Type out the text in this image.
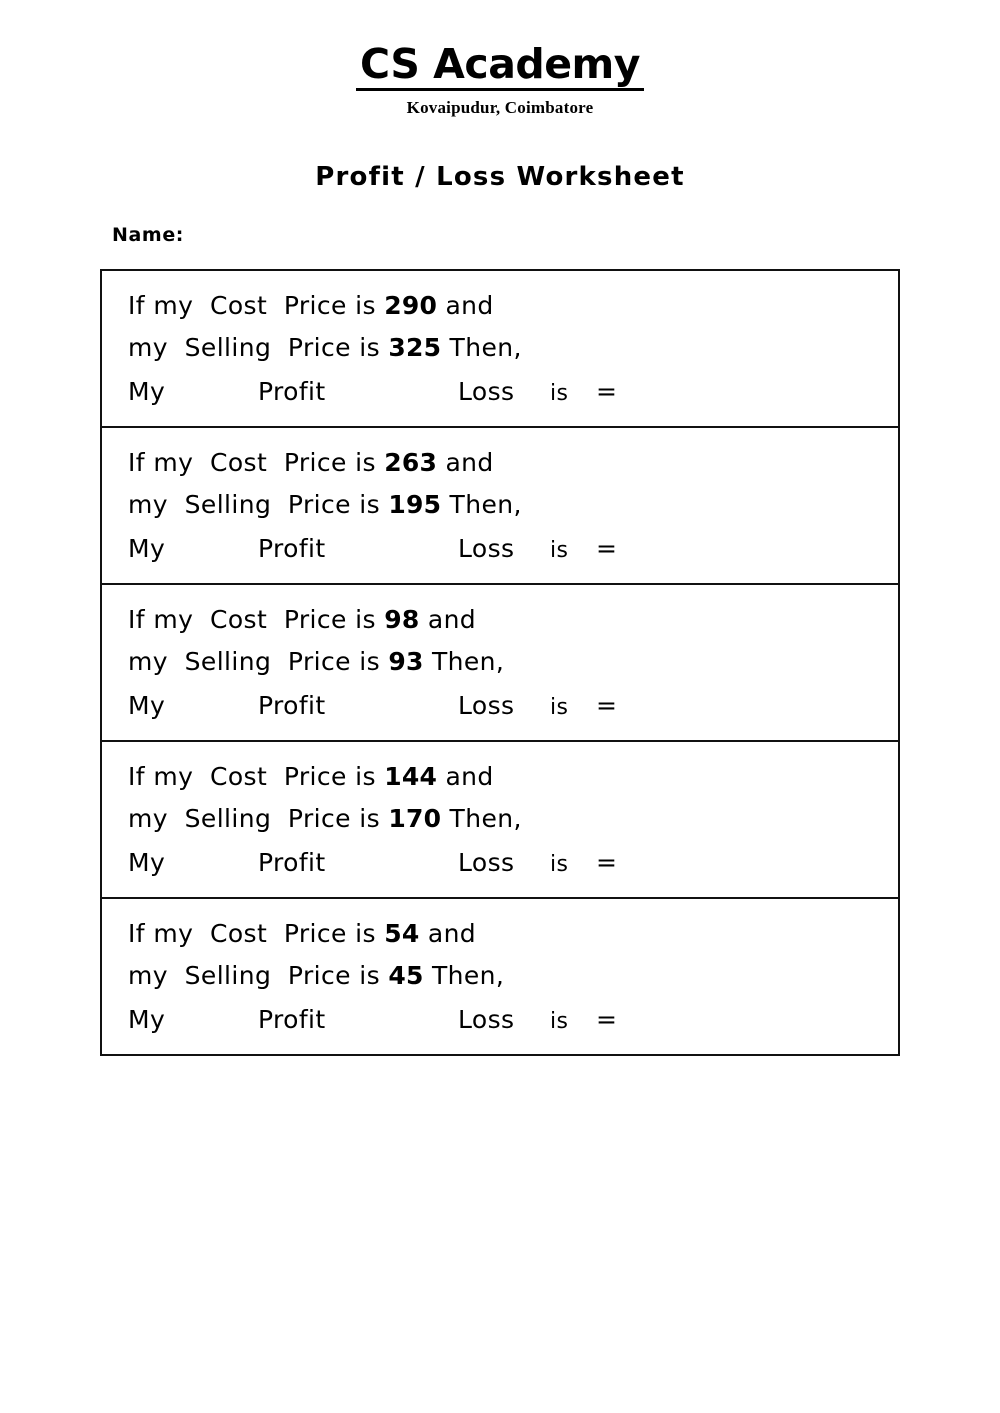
CS Academy
Kovaipudur, Coimbatore
Profit / Loss Worksheet
Name:
If my  Cost  Price is 290 and
my  Selling  Price is 325 Then,
My	Profit	Loss	is	=
If my  Cost  Price is 263 and
my  Selling  Price is 195 Then,
My	Profit	Loss	is	=
If my  Cost  Price is 98 and
my  Selling  Price is 93 Then,
My	Profit	Loss	is	=
If my  Cost  Price is 144 and
my  Selling  Price is 170 Then,
My	Profit	Loss	is	=
If my  Cost  Price is 54 and
my  Selling  Price is 45 Then,
My	Profit	Loss	is	=
